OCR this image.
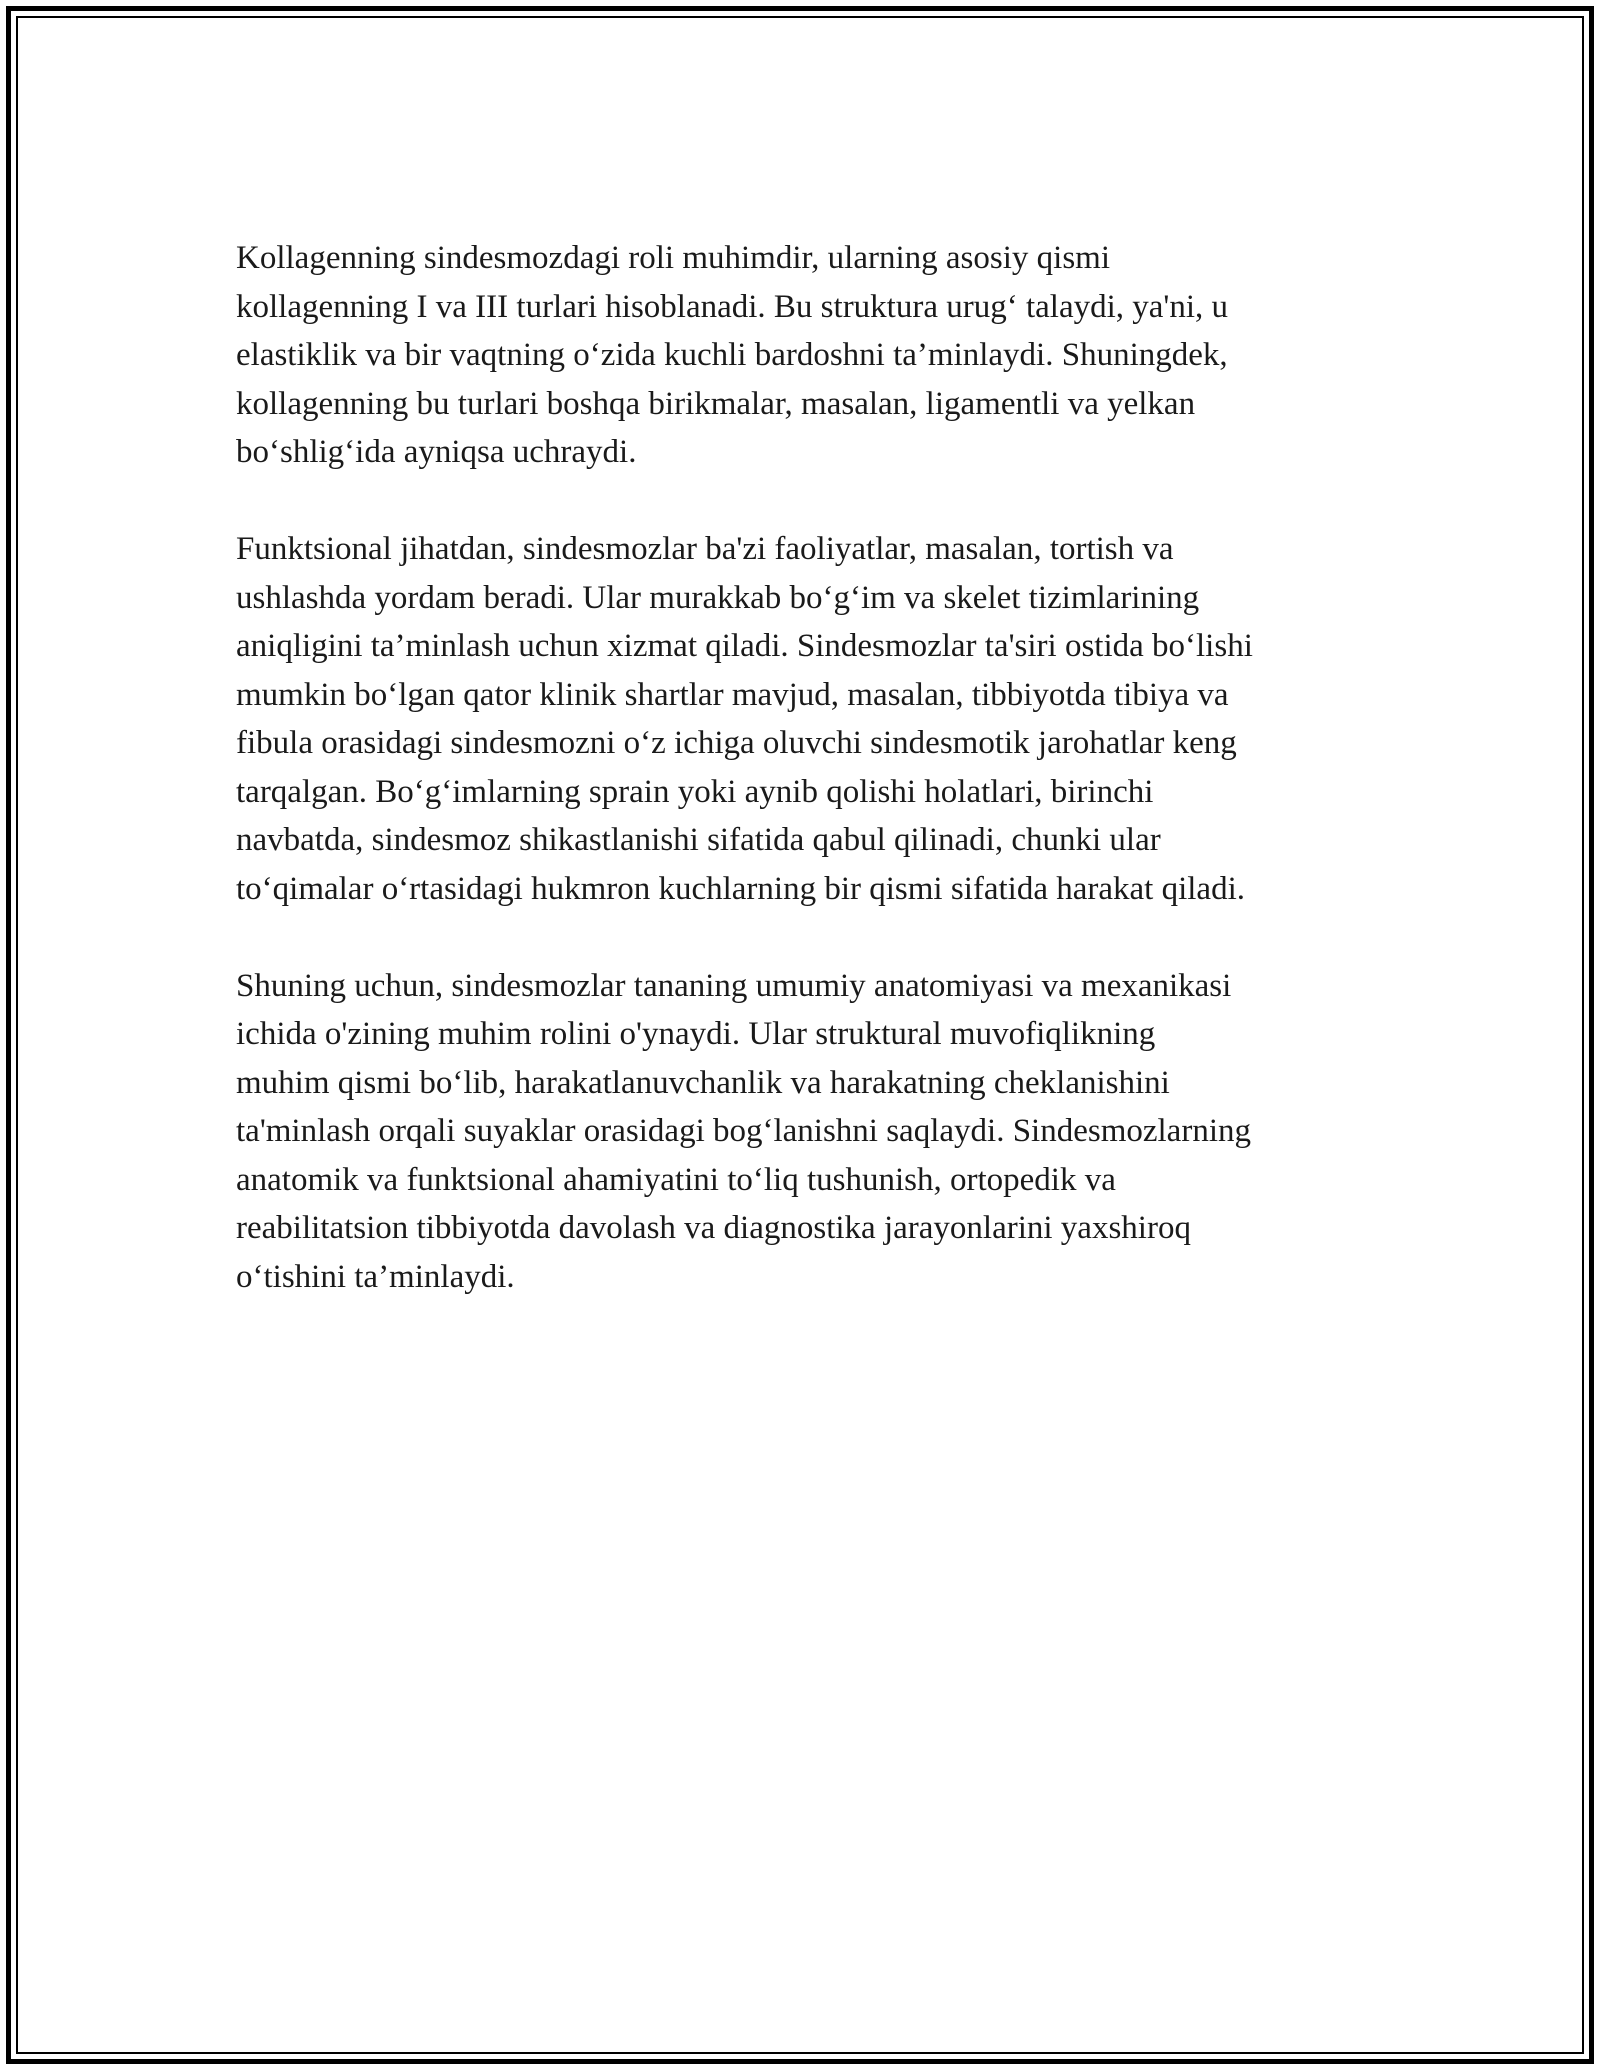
Kollagenning sindesmozdagi roli muhimdir, ularning asosiy qismi
kollagenning I va III turlari hisoblanadi. Bu struktura urug‘ talaydi, ya'ni, u
elastiklik va bir vaqtning o‘zida kuchli bardoshni ta’minlaydi. Shuningdek,
kollagenning bu turlari boshqa birikmalar, masalan, ligamentli va yelkan
bo‘shlig‘ida ayniqsa uchraydi.

Funktsional jihatdan, sindesmozlar ba'zi faoliyatlar, masalan, tortish va
ushlashda yordam beradi. Ular murakkab bo‘g‘im va skelet tizimlarining
aniqligini ta’minlash uchun xizmat qiladi. Sindesmozlar ta'siri ostida bo‘lishi
mumkin bo‘lgan qator klinik shartlar mavjud, masalan, tibbiyotda tibiya va
fibula orasidagi sindesmozni o‘z ichiga oluvchi sindesmotik jarohatlar keng
tarqalgan. Bo‘g‘imlarning sprain yoki aynib qolishi holatlari, birinchi
navbatda, sindesmoz shikastlanishi sifatida qabul qilinadi, chunki ular
to‘qimalar o‘rtasidagi hukmron kuchlarning bir qismi sifatida harakat qiladi.

Shuning uchun, sindesmozlar tananing umumiy anatomiyasi va mexanikasi
ichida o'zining muhim rolini o'ynaydi. Ular struktural muvofiqlikning
muhim qismi bo‘lib, harakatlanuvchanlik va harakatning cheklanishini
ta'minlash orqali suyaklar orasidagi bog‘lanishni saqlaydi. Sindesmozlarning
anatomik va funktsional ahamiyatini to‘liq tushunish, ortopedik va
reabilitatsion tibbiyotda davolash va diagnostika jarayonlarini yaxshiroq
o‘tishini ta’minlaydi.
